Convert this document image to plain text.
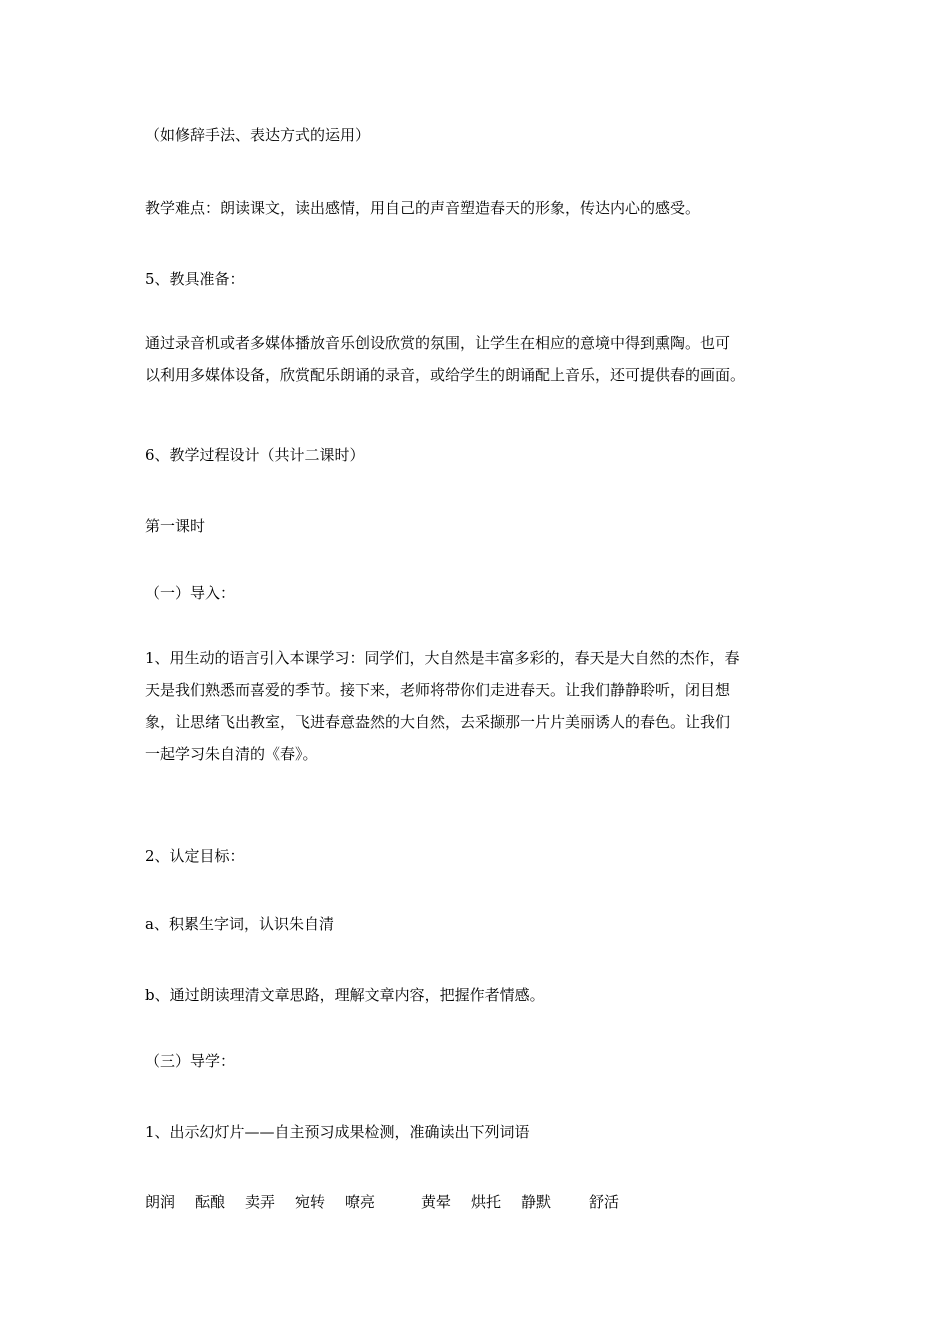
（如修辞手法、表达方式的运用）

教学难点：朗读课文，读出感情，用自己的声音塑造春天的形象，传达内心的感受。

5、教具准备：

通过录音机或者多媒体播放音乐创设欣赏的氛围，让学生在相应的意境中得到熏陶。也可
以利用多媒体设备，欣赏配乐朗诵的录音，或给学生的朗诵配上音乐，还可提供春的画面。

6、教学过程设计（共计二课时）

第一课时

（一）导入：

1、用生动的语言引入本课学习：同学们，大自然是丰富多彩的，春天是大自然的杰作，春
天是我们熟悉而喜爱的季节。接下来，老师将带你们走进春天。让我们静静聆听，闭目想
象，让思绪飞出教室，飞进春意盎然的大自然，去采撷那一片片美丽诱人的春色。让我们
一起学习朱自清的《春》。

2、认定目标：

a、积累生字词，认识朱自清

b、通过朗读理清文章思路，理解文章内容，把握作者情感。

（三）导学：

1、出示幻灯片——自主预习成果检测，准确读出下列词语

朗润 酝酿 卖弄 宛转 嘹亮	黄晕 烘托 静默	舒活
